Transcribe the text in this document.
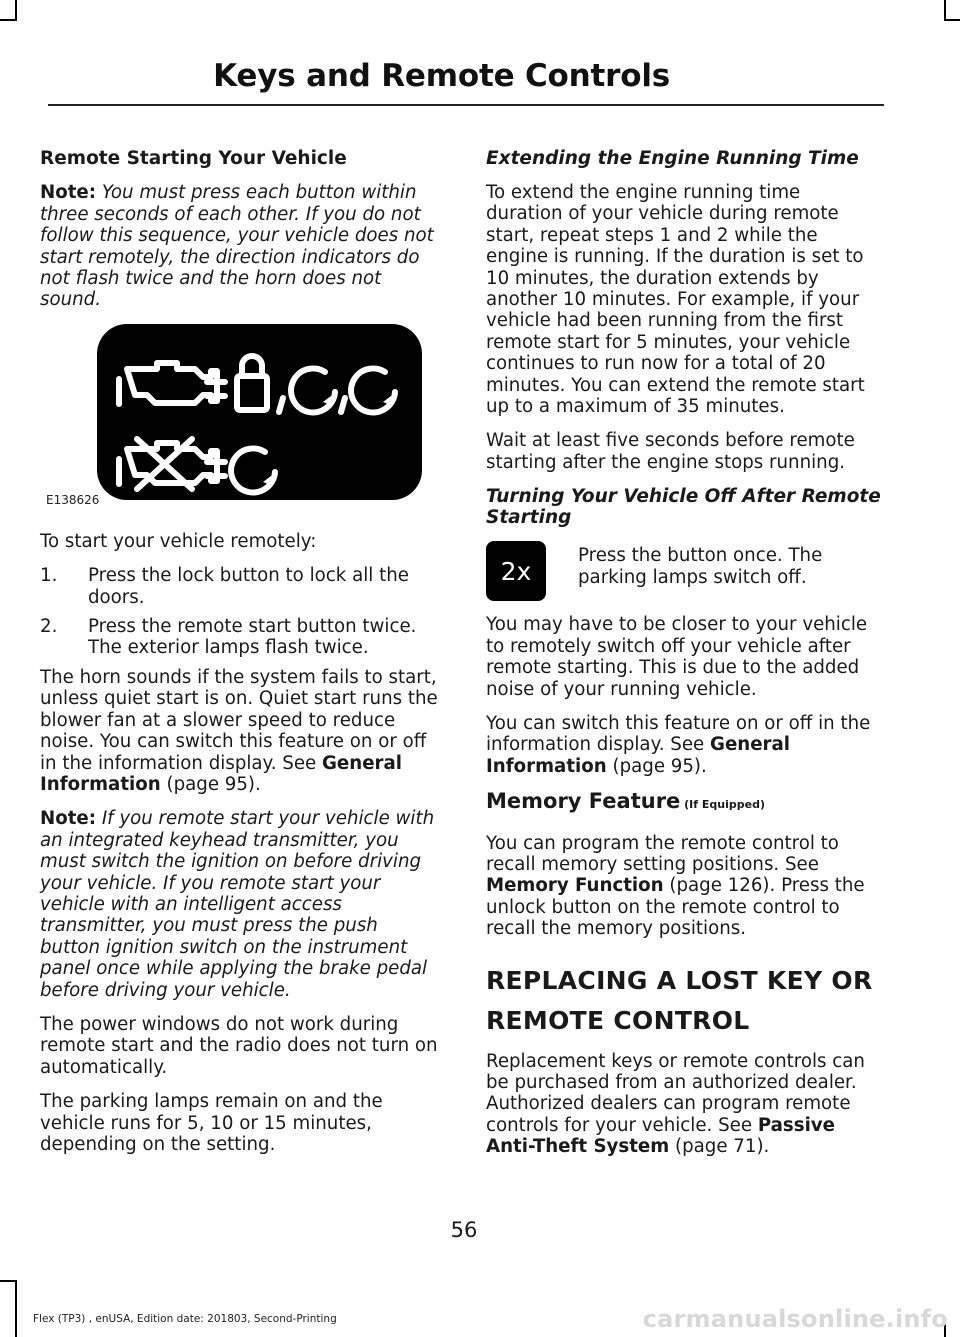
Keys and Remote Controls
Remote Starting Your Vehicle

Note: You must press each button within three seconds of each other. If you do not follow this sequence, your vehicle does not start remotely, the direction indicators do not flash twice and the horn does not sound.

E138626

To start your vehicle remotely:

1.	Press the lock button to lock all the doors.
2.	Press the remote start button twice. The exterior lamps flash twice.

The horn sounds if the system fails to start, unless quiet start is on. Quiet start runs the blower fan at a slower speed to reduce noise. You can switch this feature on or off in the information display. See General Information (page 95).

Note: If you remote start your vehicle with an integrated keyhead transmitter, you must switch the ignition on before driving your vehicle. If you remote start your vehicle with an intelligent access transmitter, you must press the push button ignition switch on the instrument panel once while applying the brake pedal before driving your vehicle.

The power windows do not work during remote start and the radio does not turn on automatically.

The parking lamps remain on and the vehicle runs for 5, 10 or 15 minutes, depending on the setting.

Extending the Engine Running Time

To extend the engine running time duration of your vehicle during remote start, repeat steps 1 and 2 while the engine is running. If the duration is set to 10 minutes, the duration extends by another 10 minutes. For example, if your vehicle had been running from the first remote start for 5 minutes, your vehicle continues to run now for a total of 20 minutes. You can extend the remote start up to a maximum of 35 minutes.

Wait at least five seconds before remote starting after the engine stops running.

Turning Your Vehicle Off After Remote Starting
2x
Press the button once. The parking lamps switch off.

You may have to be closer to your vehicle to remotely switch off your vehicle after remote starting. This is due to the added noise of your running vehicle.

You can switch this feature on or off in the information display. See General Information (page 95).

Memory Feature (If Equipped)

You can program the remote control to recall memory setting positions. See Memory Function (page 126). Press the unlock button on the remote control to recall the memory positions.

REPLACING A LOST KEY OR
REMOTE CONTROL

Replacement keys or remote controls can be purchased from an authorized dealer. Authorized dealers can program remote controls for your vehicle. See Passive Anti-Theft System (page 71).

56
Flex (TP3) , enUSA, Edition date: 201803, Second-Printing	carmanualsonline.info
